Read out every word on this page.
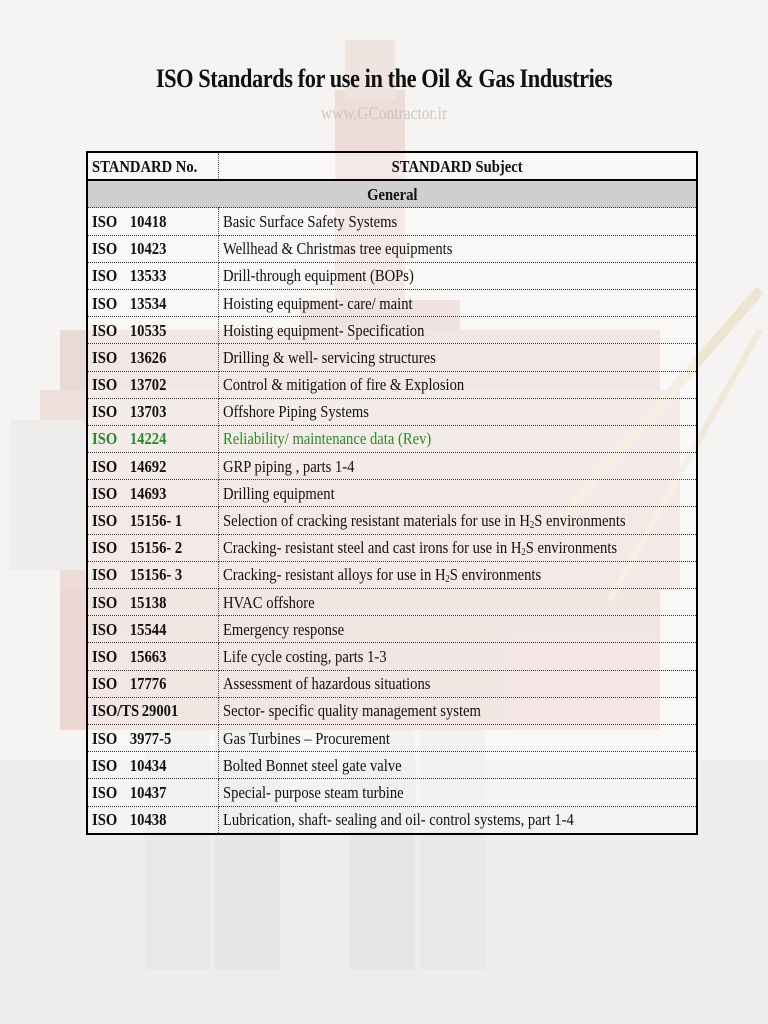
ISO Standards for use in the Oil & Gas Industries
www.GContractor.ir
STANDARD No.	STANDARD Subject
General	
ISO 10418	Basic Surface Safety Systems
ISO 10423	Wellhead & Christmas tree equipments
ISO 13533	Drill-through equipment (BOPs)
ISO 13534	Hoisting equipment- care/ maint
ISO 10535	Hoisting equipment- Specification
ISO 13626	Drilling & well- servicing structures
ISO 13702	Control & mitigation of fire & Explosion
ISO 13703	Offshore Piping Systems
ISO 14224	Reliability/ maintenance data (Rev)
ISO 14692	GRP piping , parts 1-4
ISO 14693	Drilling equipment
ISO 15156- 1	Selection of cracking resistant materials for use in $H_2S$ environments
ISO 15156- 2	Cracking- resistant steel and cast irons for use in $H_2S$ environments
ISO 15156- 3	Cracking- resistant alloys for use in $H_2S$ environments
ISO 15138	HVAC offshore
ISO 15544	Emergency response
ISO 15663	Life cycle costing, parts 1-3
ISO 17776	Assessment of hazardous situations
ISO/TS 29001	Sector- specific quality management system
ISO 3977-5	Gas Turbines – Procurement
ISO 10434	Bolted Bonnet steel gate valve
ISO 10437	Special- purpose steam turbine
ISO 10438	Lubrication, shaft- sealing and oil- control systems, part 1-4
